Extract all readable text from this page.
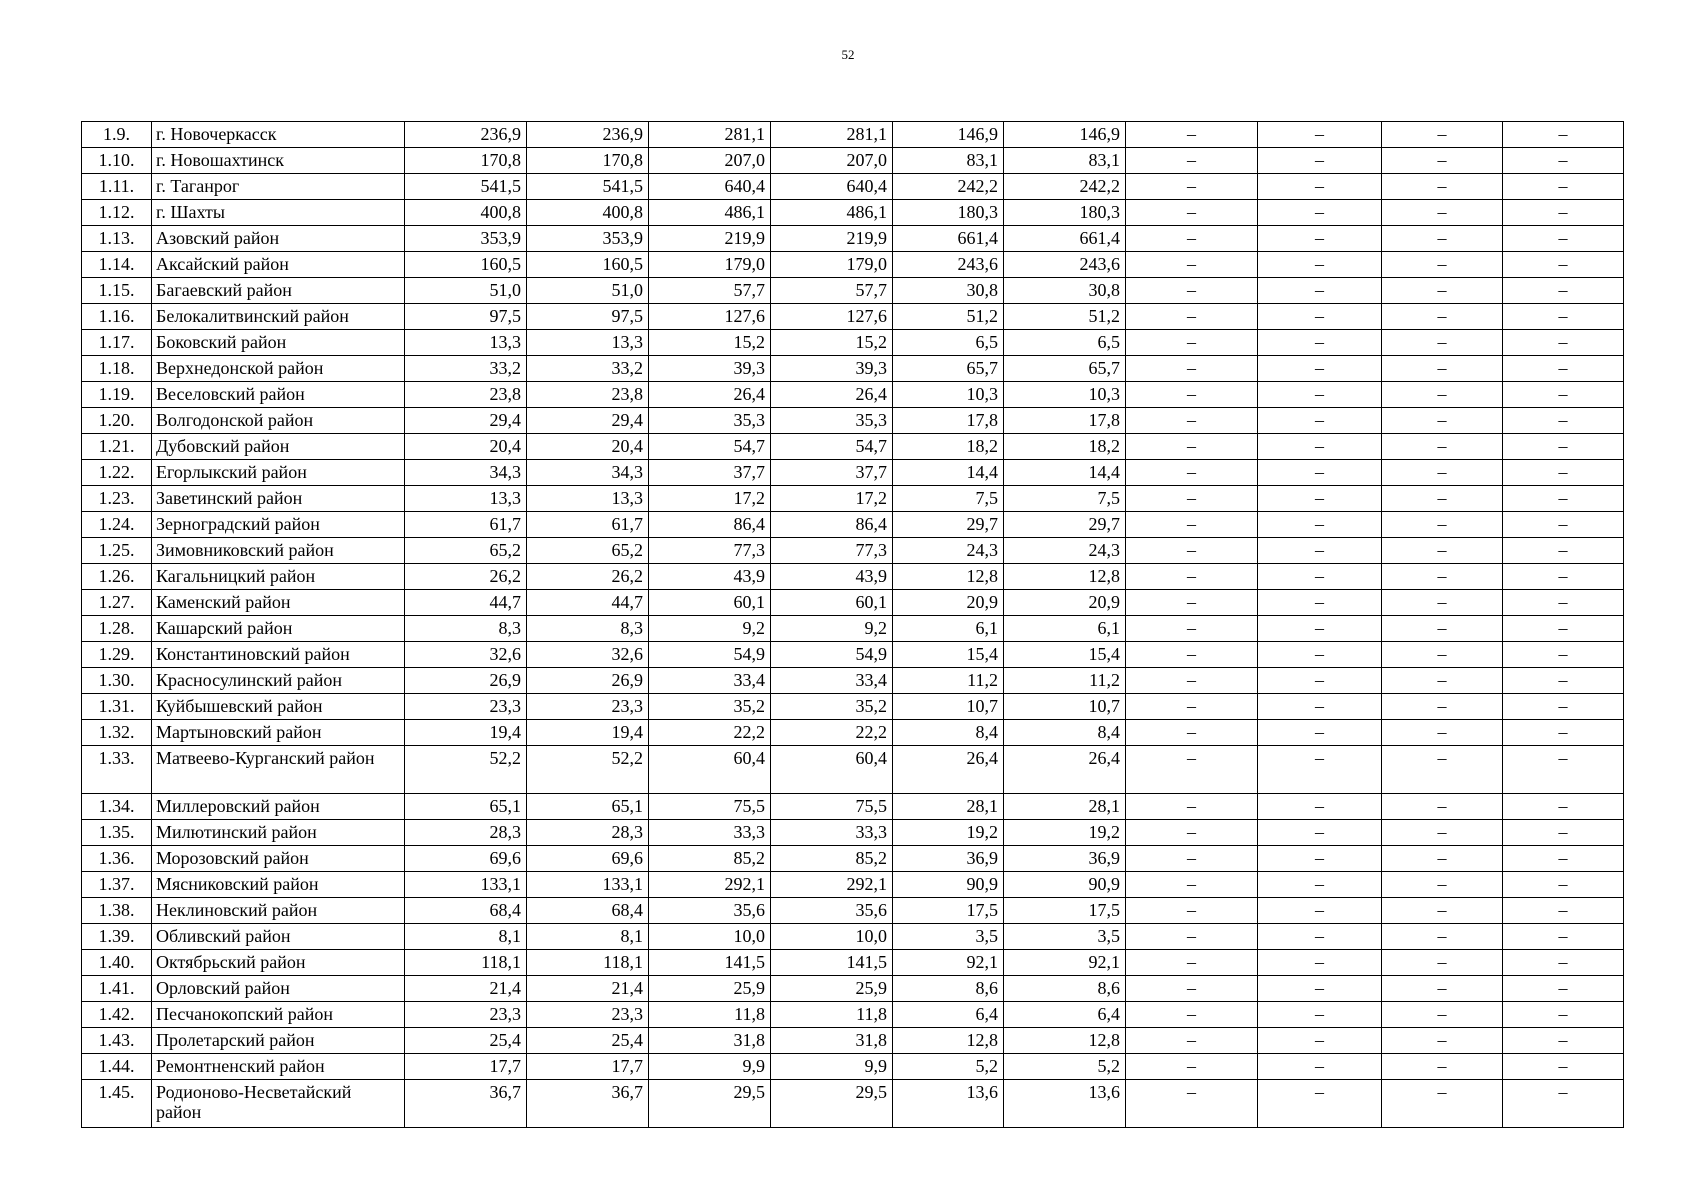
52
1.9.	г. Новочеркасск	236,9	236,9	281,1	281,1	146,9	146,9	–	–	–	–
1.10.	г. Новошахтинск	170,8	170,8	207,0	207,0	83,1	83,1	–	–	–	–
1.11.	г. Таганрог	541,5	541,5	640,4	640,4	242,2	242,2	–	–	–	–
1.12.	г. Шахты	400,8	400,8	486,1	486,1	180,3	180,3	–	–	–	–
1.13.	Азовский район	353,9	353,9	219,9	219,9	661,4	661,4	–	–	–	–
1.14.	Аксайский район	160,5	160,5	179,0	179,0	243,6	243,6	–	–	–	–
1.15.	Багаевский район	51,0	51,0	57,7	57,7	30,8	30,8	–	–	–	–
1.16.	Белокалитвинский район	97,5	97,5	127,6	127,6	51,2	51,2	–	–	–	–
1.17.	Боковский район	13,3	13,3	15,2	15,2	6,5	6,5	–	–	–	–
1.18.	Верхнедонской район	33,2	33,2	39,3	39,3	65,7	65,7	–	–	–	–
1.19.	Веселовский район	23,8	23,8	26,4	26,4	10,3	10,3	–	–	–	–
1.20.	Волгодонской район	29,4	29,4	35,3	35,3	17,8	17,8	–	–	–	–
1.21.	Дубовский район	20,4	20,4	54,7	54,7	18,2	18,2	–	–	–	–
1.22.	Егорлыкский район	34,3	34,3	37,7	37,7	14,4	14,4	–	–	–	–
1.23.	Заветинский район	13,3	13,3	17,2	17,2	7,5	7,5	–	–	–	–
1.24.	Зерноградский район	61,7	61,7	86,4	86,4	29,7	29,7	–	–	–	–
1.25.	Зимовниковский район	65,2	65,2	77,3	77,3	24,3	24,3	–	–	–	–
1.26.	Кагальницкий район	26,2	26,2	43,9	43,9	12,8	12,8	–	–	–	–
1.27.	Каменский район	44,7	44,7	60,1	60,1	20,9	20,9	–	–	–	–
1.28.	Кашарский район	8,3	8,3	9,2	9,2	6,1	6,1	–	–	–	–
1.29.	Константиновский район	32,6	32,6	54,9	54,9	15,4	15,4	–	–	–	–
1.30.	Красносулинский район	26,9	26,9	33,4	33,4	11,2	11,2	–	–	–	–
1.31.	Куйбышевский район	23,3	23,3	35,2	35,2	10,7	10,7	–	–	–	–
1.32.	Мартыновский район	19,4	19,4	22,2	22,2	8,4	8,4	–	–	–	–
1.33.	Матвеево-Курганский район	52,2	52,2	60,4	60,4	26,4	26,4	–	–	–	–
1.34.	Миллеровский район	65,1	65,1	75,5	75,5	28,1	28,1	–	–	–	–
1.35.	Милютинский район	28,3	28,3	33,3	33,3	19,2	19,2	–	–	–	–
1.36.	Морозовский район	69,6	69,6	85,2	85,2	36,9	36,9	–	–	–	–
1.37.	Мясниковский район	133,1	133,1	292,1	292,1	90,9	90,9	–	–	–	–
1.38.	Неклиновский район	68,4	68,4	35,6	35,6	17,5	17,5	–	–	–	–
1.39.	Обливский район	8,1	8,1	10,0	10,0	3,5	3,5	–	–	–	–
1.40.	Октябрьский район	118,1	118,1	141,5	141,5	92,1	92,1	–	–	–	–
1.41.	Орловский район	21,4	21,4	25,9	25,9	8,6	8,6	–	–	–	–
1.42.	Песчанокопский район	23,3	23,3	11,8	11,8	6,4	6,4	–	–	–	–
1.43.	Пролетарский район	25,4	25,4	31,8	31,8	12,8	12,8	–	–	–	–
1.44.	Ремонтненский район	17,7	17,7	9,9	9,9	5,2	5,2	–	–	–	–
1.45.	Родионово-Несветайский район	36,7	36,7	29,5	29,5	13,6	13,6	–	–	–	–
